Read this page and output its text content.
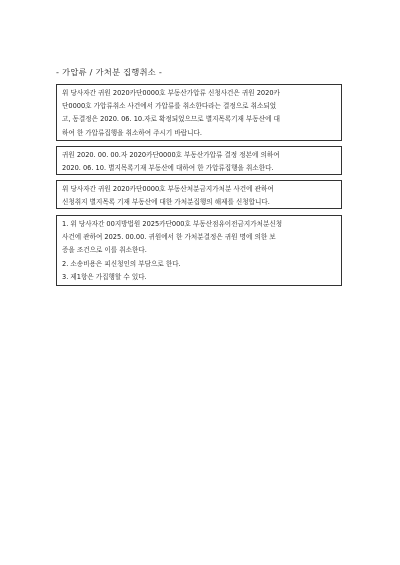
- 가압류 / 가처분 집행취소 -

위 당사자간 귀원 2020카단0000호 부동산가압류 신청사건은 귀원 2020카

단0000호 가압류취소 사건에서 가압류를 취소한다라는 결정으로 취소되었

고, 동결정은 2020. 06. 10.자로 확정되었으므로 별지목록기재 부동산에 대

하여 한 가압류집행을 취소하여 주시기 바랍니다.

귀원 2020. 00. 00.자 2020카단0000호 부동산가압류 결정 정본에 의하여

2020. 06. 10. 별지목록기재 부동산에 대하여 한 가압류집행을 취소한다.

위 당사자간 귀원 2020카단0000호 부동산처분금지가처분 사건에 관하여

신청취지 별지목록 기재 부동산에 대한 가처분집행의 해제를 신청합니다.

1. 위 당사자간 00지방법원 2025카단000호 부동산점유이전금지가처분신청

사건에 관하여 2025. 00.00. 귀원에서 한 가처분결정은 귀원 명에 의한 보

증을 조건으로 이를 취소한다.

2. 소송비용은 피신청인의 부담으로 한다.

3. 제1항은 가집행할 수 있다.
